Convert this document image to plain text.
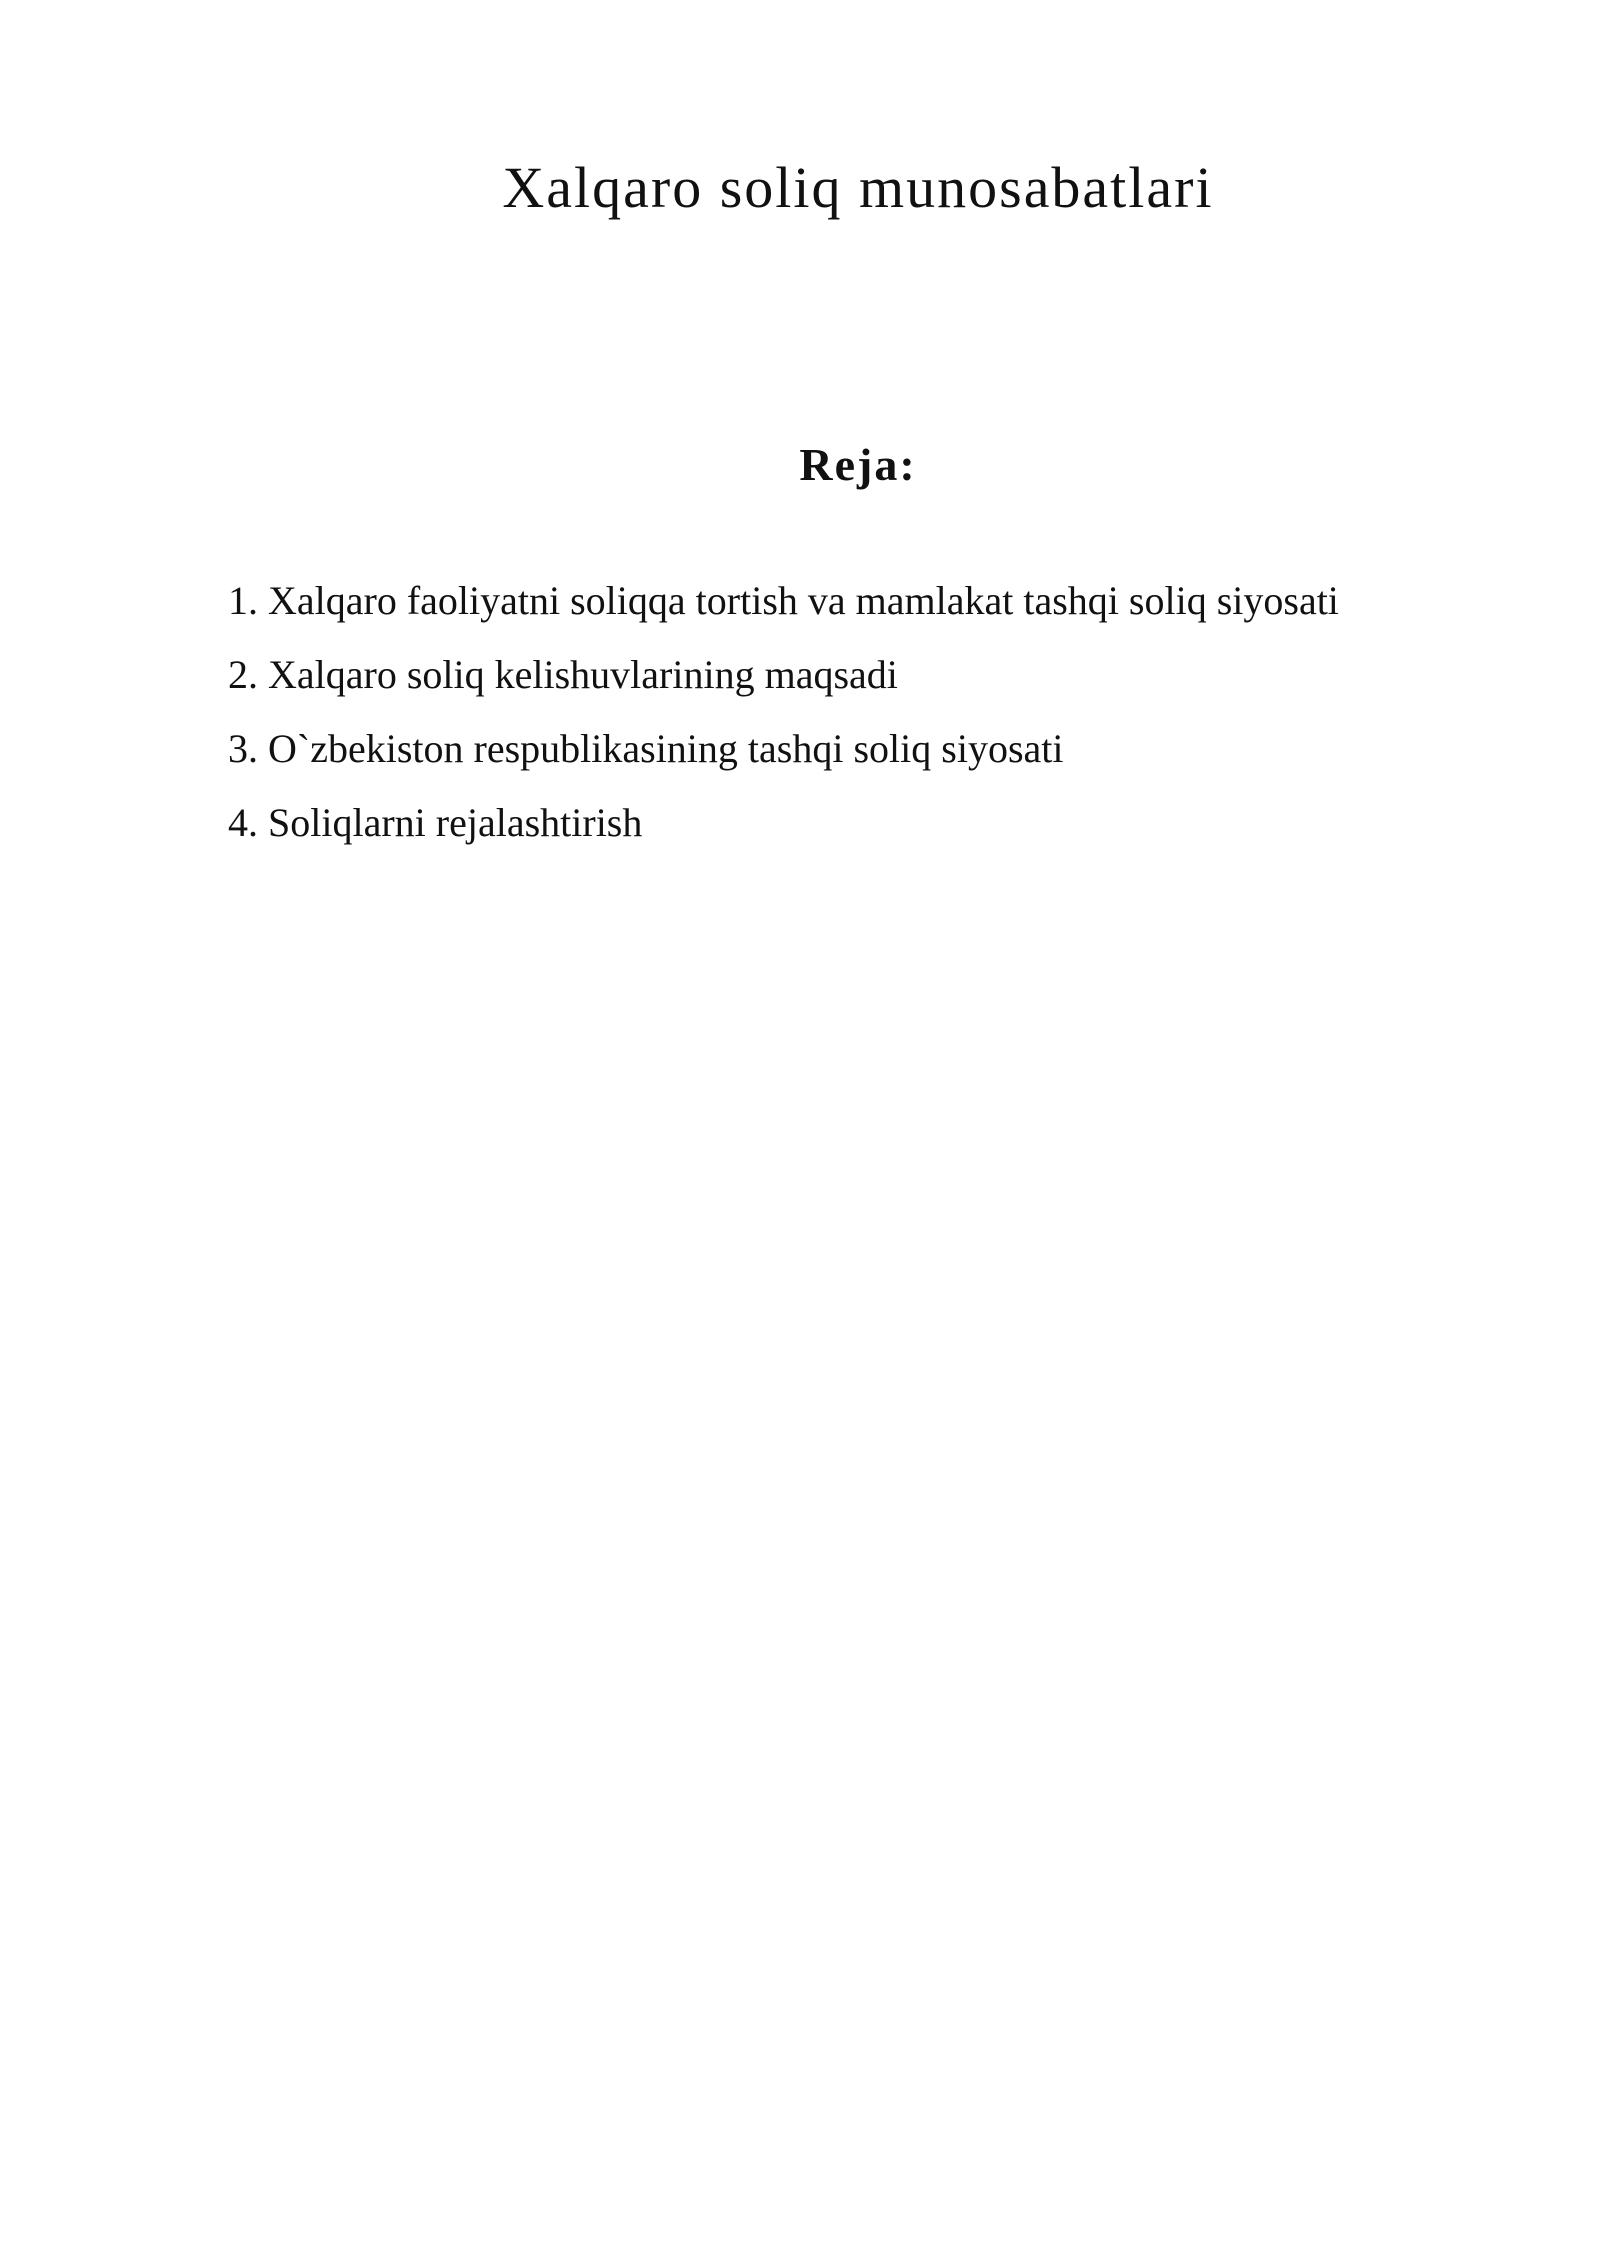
Xalqaro soliq munosabatlari
Reja:
1. Xalqaro faoliyatni soliqqa tortish va mamlakat tashqi soliq siyosati
2. Xalqaro soliq kelishuvlarining maqsadi
3. O`zbekiston respublikasining tashqi soliq siyosati
4. Soliqlarni rejalashtirish
